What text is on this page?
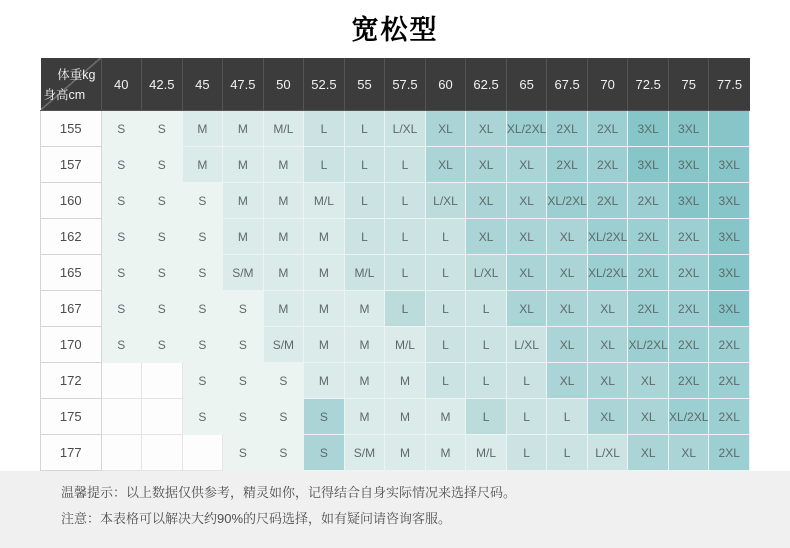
宽松型
体重kg
身高cm	40	42.5	45	47.5	50	52.5	55	57.5	60	62.5	65	67.5	70	72.5	75	77.5
155	S	S	M	M	M/L	L	L	L/XL	XL	XL	XL/2XL	2XL	2XL	3XL	3XL	
157	S	S	M	M	M	L	L	L	XL	XL	XL	2XL	2XL	3XL	3XL	3XL
160	S	S	S	M	M	M/L	L	L	L/XL	XL	XL	XL/2XL	2XL	2XL	3XL	3XL
162	S	S	S	M	M	M	L	L	L	XL	XL	XL	XL/2XL	2XL	2XL	3XL
165	S	S	S	S/M	M	M	M/L	L	L	L/XL	XL	XL	XL/2XL	2XL	2XL	3XL
167	S	S	S	S	M	M	M	L	L	L	XL	XL	XL	2XL	2XL	3XL
170	S	S	S	S	S/M	M	M	M/L	L	L	L/XL	XL	XL	XL/2XL	2XL	2XL
172			S	S	S	M	M	M	L	L	L	XL	XL	XL	2XL	2XL
175			S	S	S	S	M	M	M	L	L	L	XL	XL	XL/2XL	2XL
177				S	S	S	S/M	M	M	M/L	L	L	L/XL	XL	XL	2XL

温馨提示：以上数据仅供参考，精灵如你，记得结合自身实际情况来选择尺码。

注意：本表格可以解决大约90%的尺码选择，如有疑问请咨询客服。
